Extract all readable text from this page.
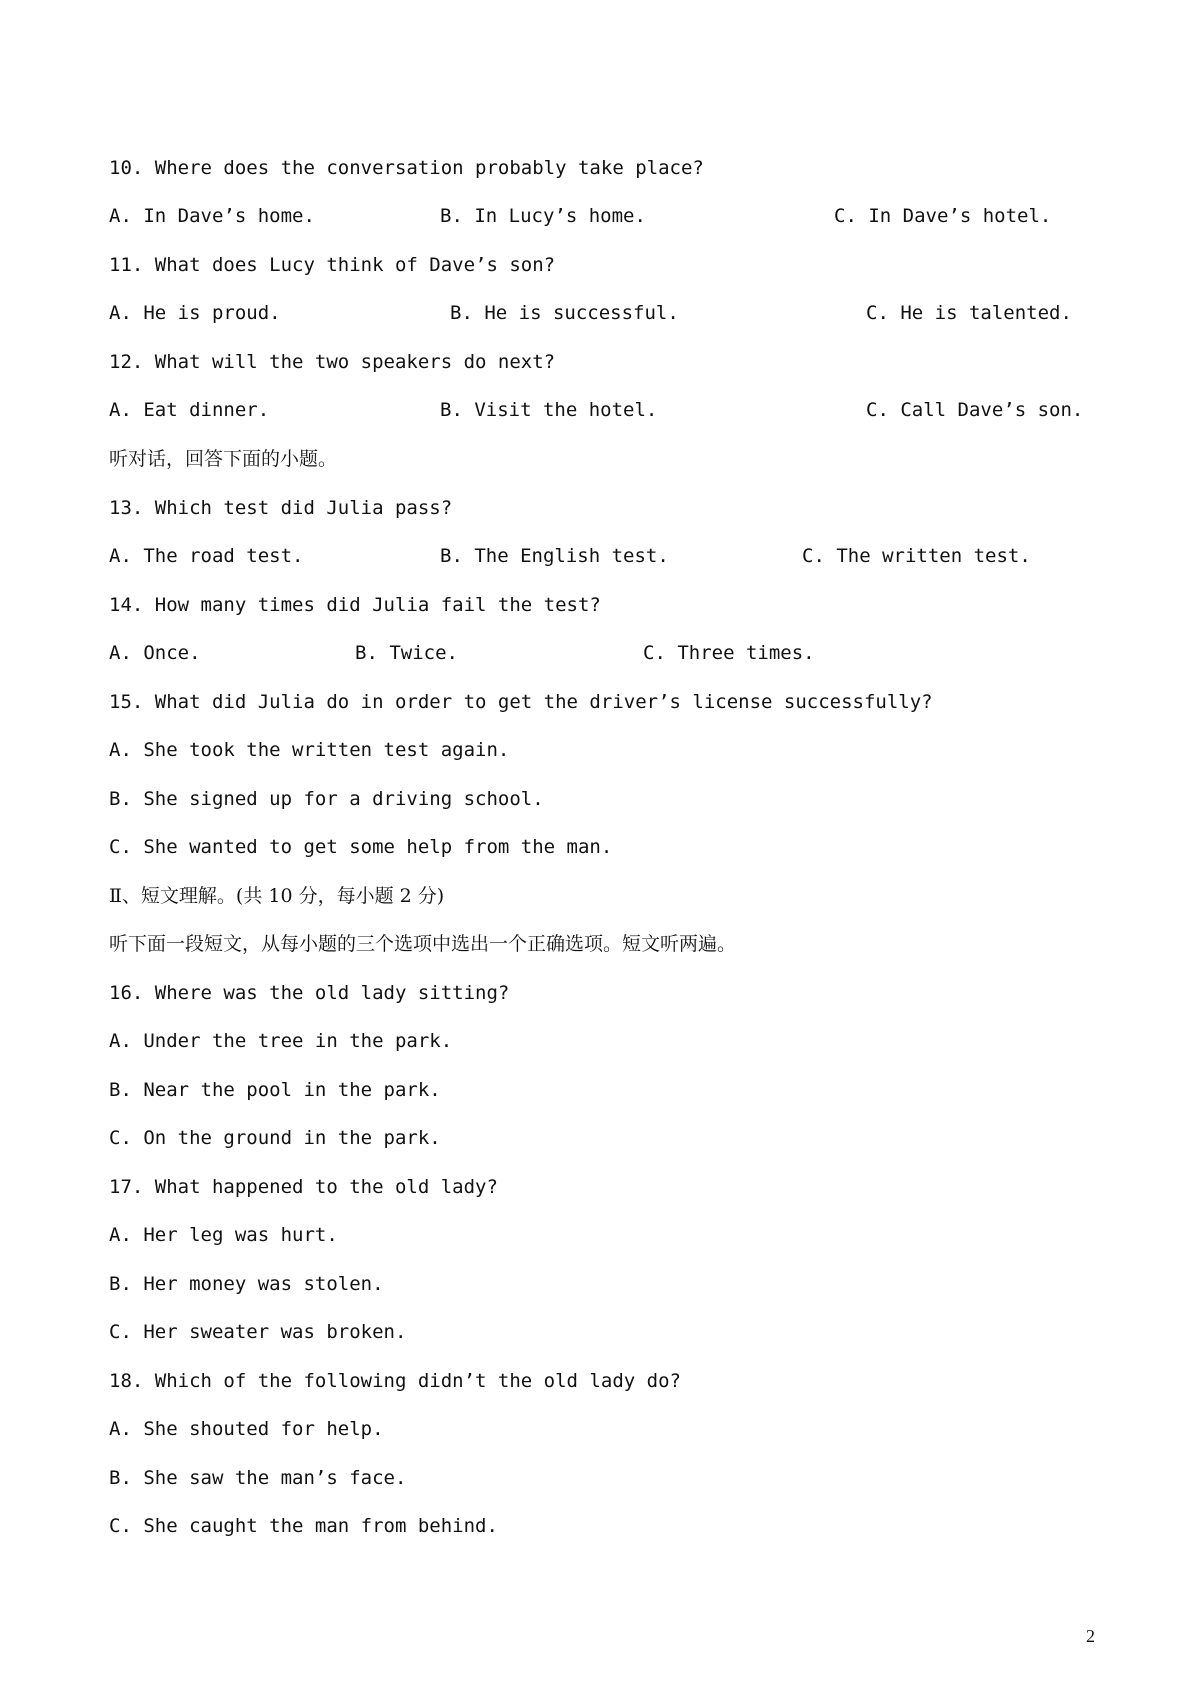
10. Where does the conversation probably take place?
A. In Dave’s home.	B. In Lucy’s home.	C. In Dave’s hotel.
11. What does Lucy think of Dave’s son?
A. He is proud.	B. He is successful.	C. He is talented.
12. What will the two speakers do next?
A. Eat dinner.	B. Visit the hotel.	C. Call Dave’s son.
听对话，回答下面的小题。
13. Which test did Julia pass?
A. The road test.	B. The English test.	C. The written test.
14. How many times did Julia fail the test?
A. Once.	B. Twice.	C. Three times.
15. What did Julia do in order to get the driver’s license successfully?
A. She took the written test again.
B. She signed up for a driving school.
C. She wanted to get some help from the man.
Ⅱ、短文理解。(共 10 分，每小题 2 分)
听下面一段短文，从每小题的三个选项中选出一个正确选项。短文听两遍。
16. Where was the old lady sitting?
A. Under the tree in the park.
B. Near the pool in the park.
C. On the ground in the park.
17. What happened to the old lady?
A. Her leg was hurt.
B. Her money was stolen.
C. Her sweater was broken.
18. Which of the following didn’t the old lady do?
A. She shouted for help.
B. She saw the man’s face.
C. She caught the man from behind.
2
